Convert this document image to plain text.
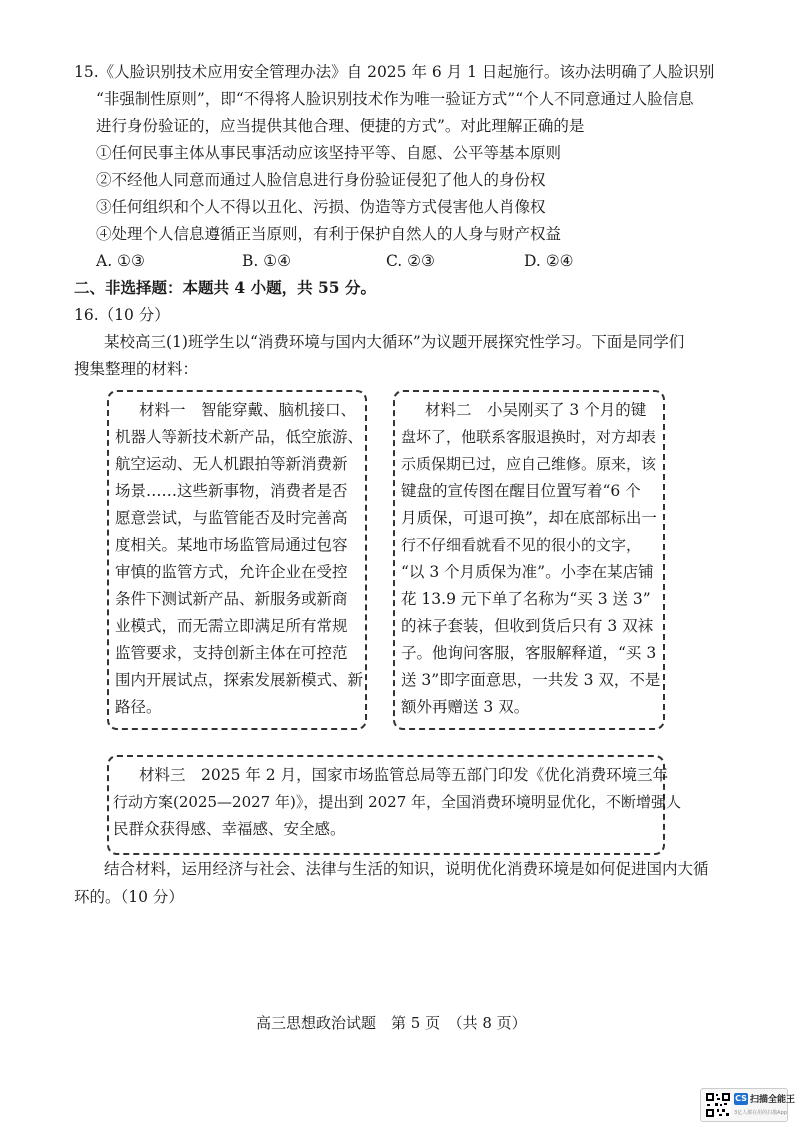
15.《人脸识别技术应用安全管理办法》自 2025 年 6 月 1 日起施行。该办法明确了人脸识别
“非强制性原则”，即“不得将人脸识别技术作为唯一验证方式”“个人不同意通过人脸信息
进行身份验证的，应当提供其他合理、便捷的方式”。对此理解正确的是
①任何民事主体从事民事活动应该坚持平等、自愿、公平等基本原则
②不经他人同意而通过人脸信息进行身份验证侵犯了他人的身份权
③任何组织和个人不得以丑化、污损、伪造等方式侵害他人肖像权
④处理个人信息遵循正当原则，有利于保护自然人的人身与财产权益
A. ①③	B. ①④	C. ②③	D. ②④
二、非选择题：本题共 4 小题，共 55 分。
16.（10 分）
某校高三(1)班学生以“消费环境与国内大循环”为议题开展探究性学习。下面是同学们
搜集整理的材料：
材料一　智能穿戴、脑机接口、
机器人等新技术新产品，低空旅游、
航空运动、无人机跟拍等新消费新
场景……这些新事物，消费者是否
愿意尝试，与监管能否及时完善高
度相关。某地市场监管局通过包容
审慎的监管方式，允许企业在受控
条件下测试新产品、新服务或新商
业模式，而无需立即满足所有常规
监管要求，支持创新主体在可控范
围内开展试点，探索发展新模式、新
路径。
材料二　小吴刚买了 3 个月的键
盘坏了，他联系客服退换时，对方却表
示质保期已过，应自己维修。原来，该
键盘的宣传图在醒目位置写着“6 个
月质保，可退可换”，却在底部标出一
行不仔细看就看不见的很小的文字，
“以 3 个月质保为准”。小李在某店铺
花 13.9 元下单了名称为“买 3 送 3”
的袜子套装，但收到货后只有 3 双袜
子。他询问客服，客服解释道，“买 3
送 3”即字面意思，一共发 3 双，不是
额外再赠送 3 双。
材料三　2025 年 2 月，国家市场监管总局等五部门印发《优化消费环境三年
行动方案(2025—2027 年)》，提出到 2027 年，全国消费环境明显优化，不断增强人
民群众获得感、幸福感、安全感。
结合材料，运用经济与社会、法律与生活的知识，说明优化消费环境是如何促进国内大循
环的。（10 分）
高三思想政治试题　第 5 页　（共 8 页）
CS 扫描全能王
3亿人都在用的扫描App
